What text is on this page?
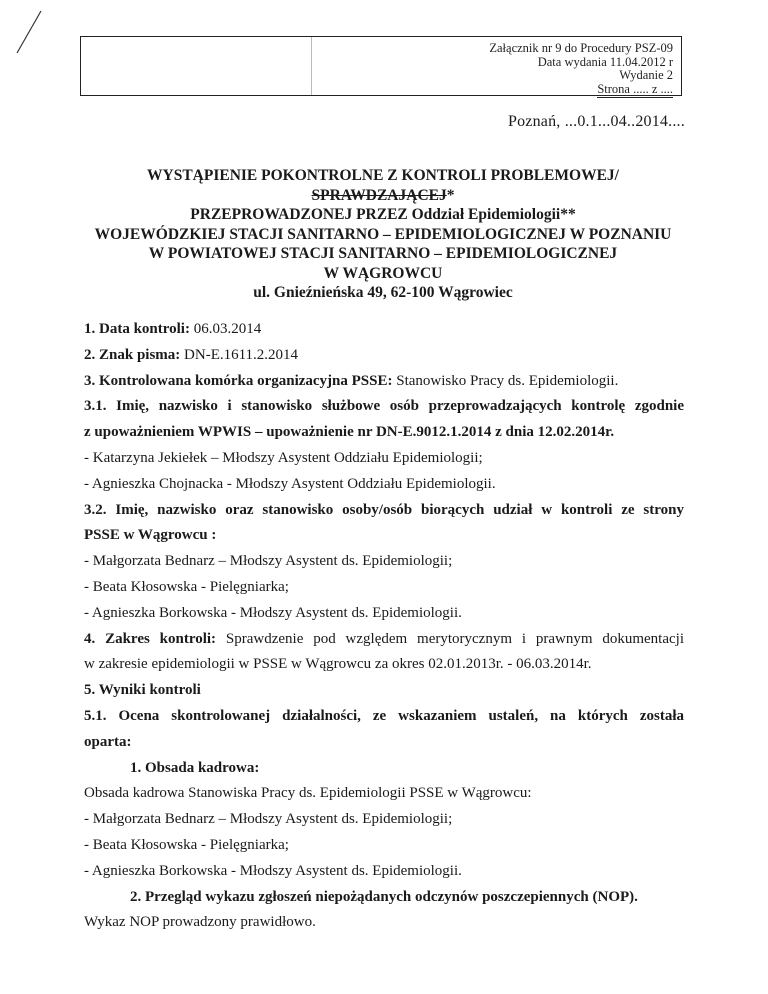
Załącznik nr 9 do Procedury PSZ-09
Data wydania 11.04.2012 r
Wydanie 2
Strona ..... z ....
Poznań, ...0.1...04..2014....
WYSTĄPIENIE POKONTROLNE Z KONTROLI PROBLEMOWEJ/
SPRAWDZAJĄCEJ*
PRZEPROWADZONEJ PRZEZ Oddział Epidemiologii**
WOJEWÓDZKIEJ STACJI SANITARNO – EPIDEMIOLOGICZNEJ W POZNANIU
W POWIATOWEJ STACJI SANITARNO – EPIDEMIOLOGICZNEJ
W WĄGROWCU
ul. Gnieźnieńska 49, 62-100 Wągrowiec

1. Data kontroli: 06.03.2014

2. Znak pisma: DN-E.1611.2.2014

3. Kontrolowana komórka organizacyjna PSSE: Stanowisko Pracy ds. Epidemiologii.

3.1. Imię, nazwisko i stanowisko służbowe osób przeprowadzających kontrolę zgodnie

z upoważnieniem WPWIS – upoważnienie nr DN-E.9012.1.2014 z dnia 12.02.2014r.

- Katarzyna Jekiełek – Młodszy Asystent Oddziału Epidemiologii;

- Agnieszka Chojnacka - Młodszy Asystent Oddziału Epidemiologii.

3.2. Imię, nazwisko oraz stanowisko osoby/osób biorących udział w kontroli ze strony

PSSE w Wągrowcu :

- Małgorzata Bednarz – Młodszy Asystent ds. Epidemiologii;

- Beata Kłosowska - Pielęgniarka;

- Agnieszka Borkowska - Młodszy Asystent ds. Epidemiologii.

4. Zakres kontroli: Sprawdzenie pod względem merytorycznym i prawnym dokumentacji

w zakresie epidemiologii w PSSE w Wągrowcu za okres 02.01.2013r. - 06.03.2014r.

5. Wyniki kontroli

5.1. Ocena skontrolowanej działalności, ze wskazaniem ustaleń, na których została

oparta:

1. Obsada kadrowa:

Obsada kadrowa Stanowiska Pracy ds. Epidemiologii PSSE w Wągrowcu:

- Małgorzata Bednarz – Młodszy Asystent ds. Epidemiologii;

- Beata Kłosowska - Pielęgniarka;

- Agnieszka Borkowska - Młodszy Asystent ds. Epidemiologii.

2. Przegląd wykazu zgłoszeń niepożądanych odczynów poszczepiennych (NOP).

Wykaz NOP prowadzony prawidłowo.
